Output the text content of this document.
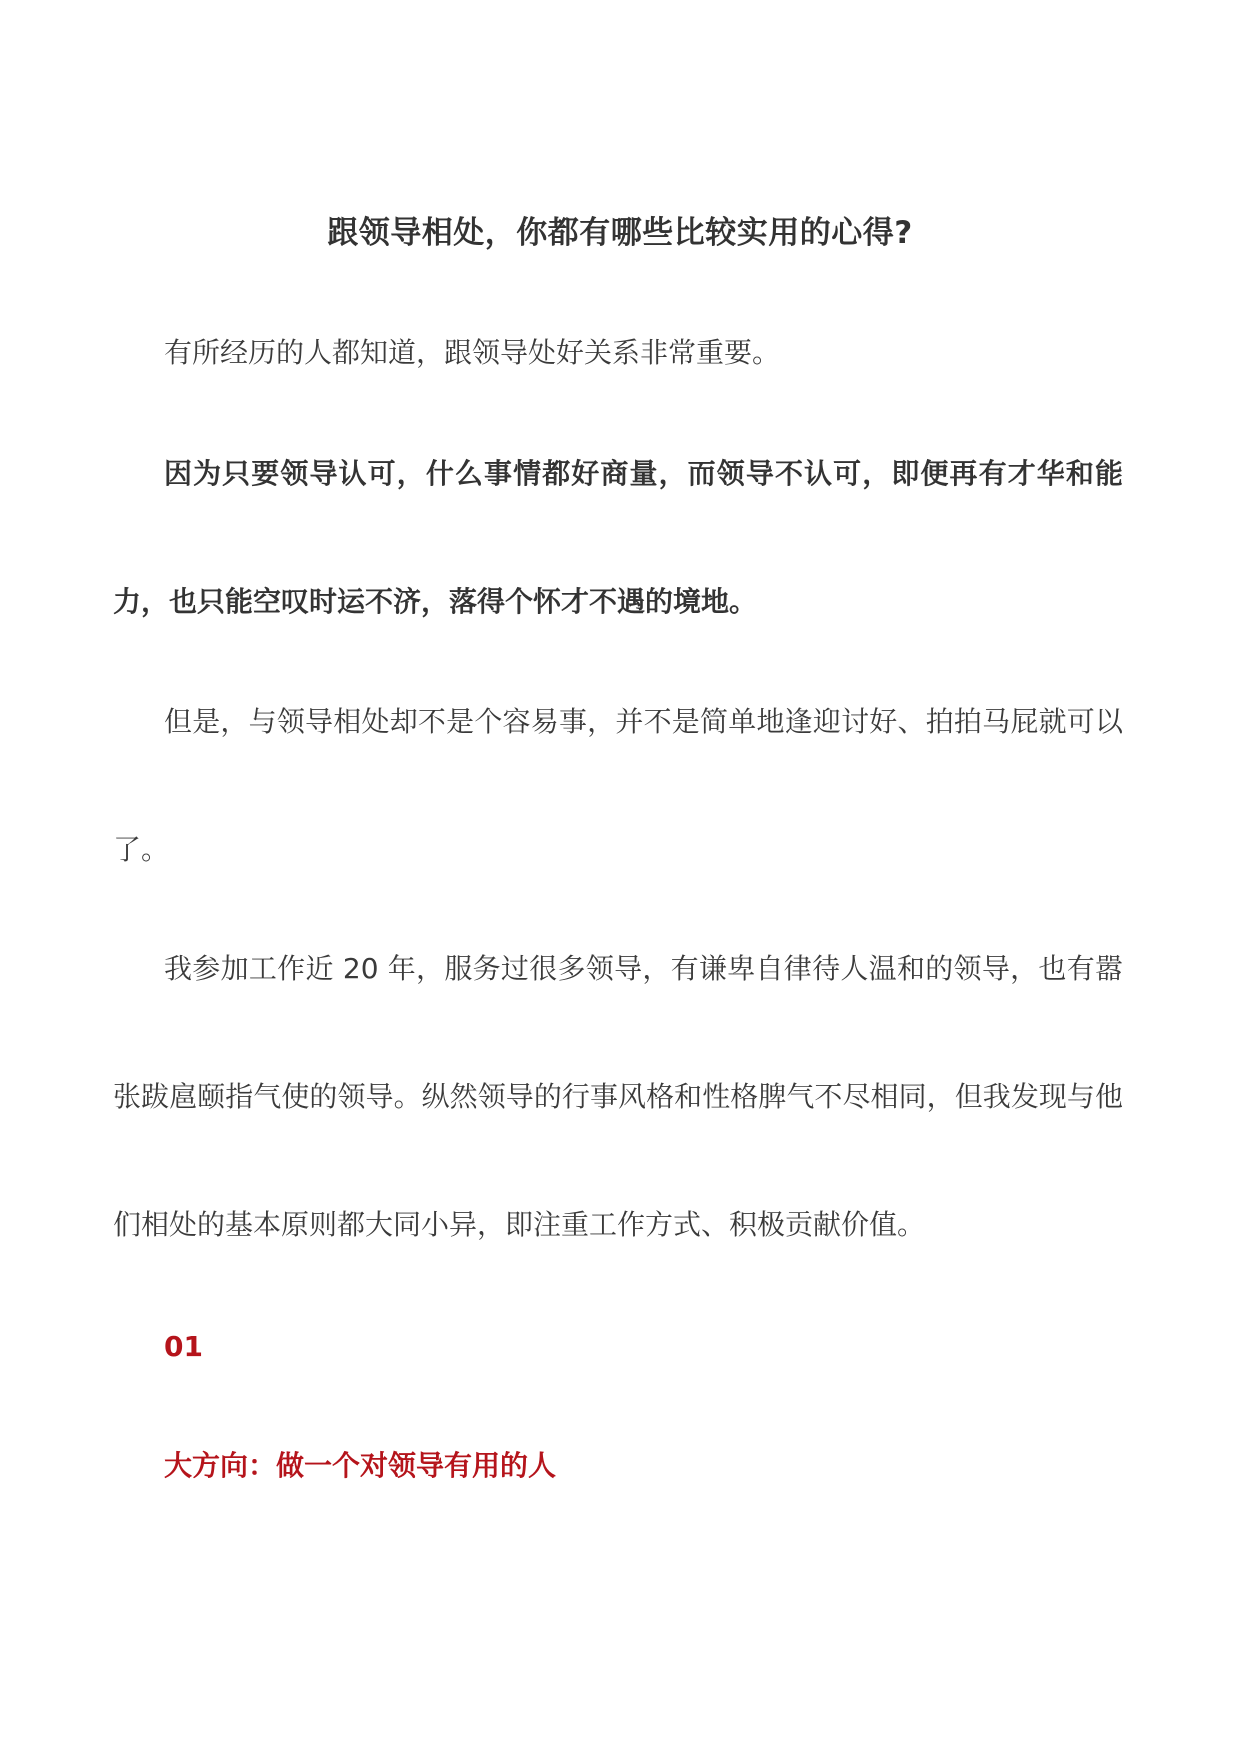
跟领导相处，你都有哪些比较实用的心得?

有所经历的人都知道，跟领导处好关系非常重要。

因为只要领导认可，什么事情都好商量，而领导不认可，即便再有才华和能力，也只能空叹时运不济，落得个怀才不遇的境地。

但是，与领导相处却不是个容易事，并不是简单地逢迎讨好、拍拍马屁就可以了。

我参加工作近 20 年，服务过很多领导，有谦卑自律待人温和的领导，也有嚣张跋扈颐指气使的领导。纵然领导的行事风格和性格脾气不尽相同，但我发现与他们相处的基本原则都大同小异，即注重工作方式、积极贡献价值。

01
大方向：做一个对领导有用的人
